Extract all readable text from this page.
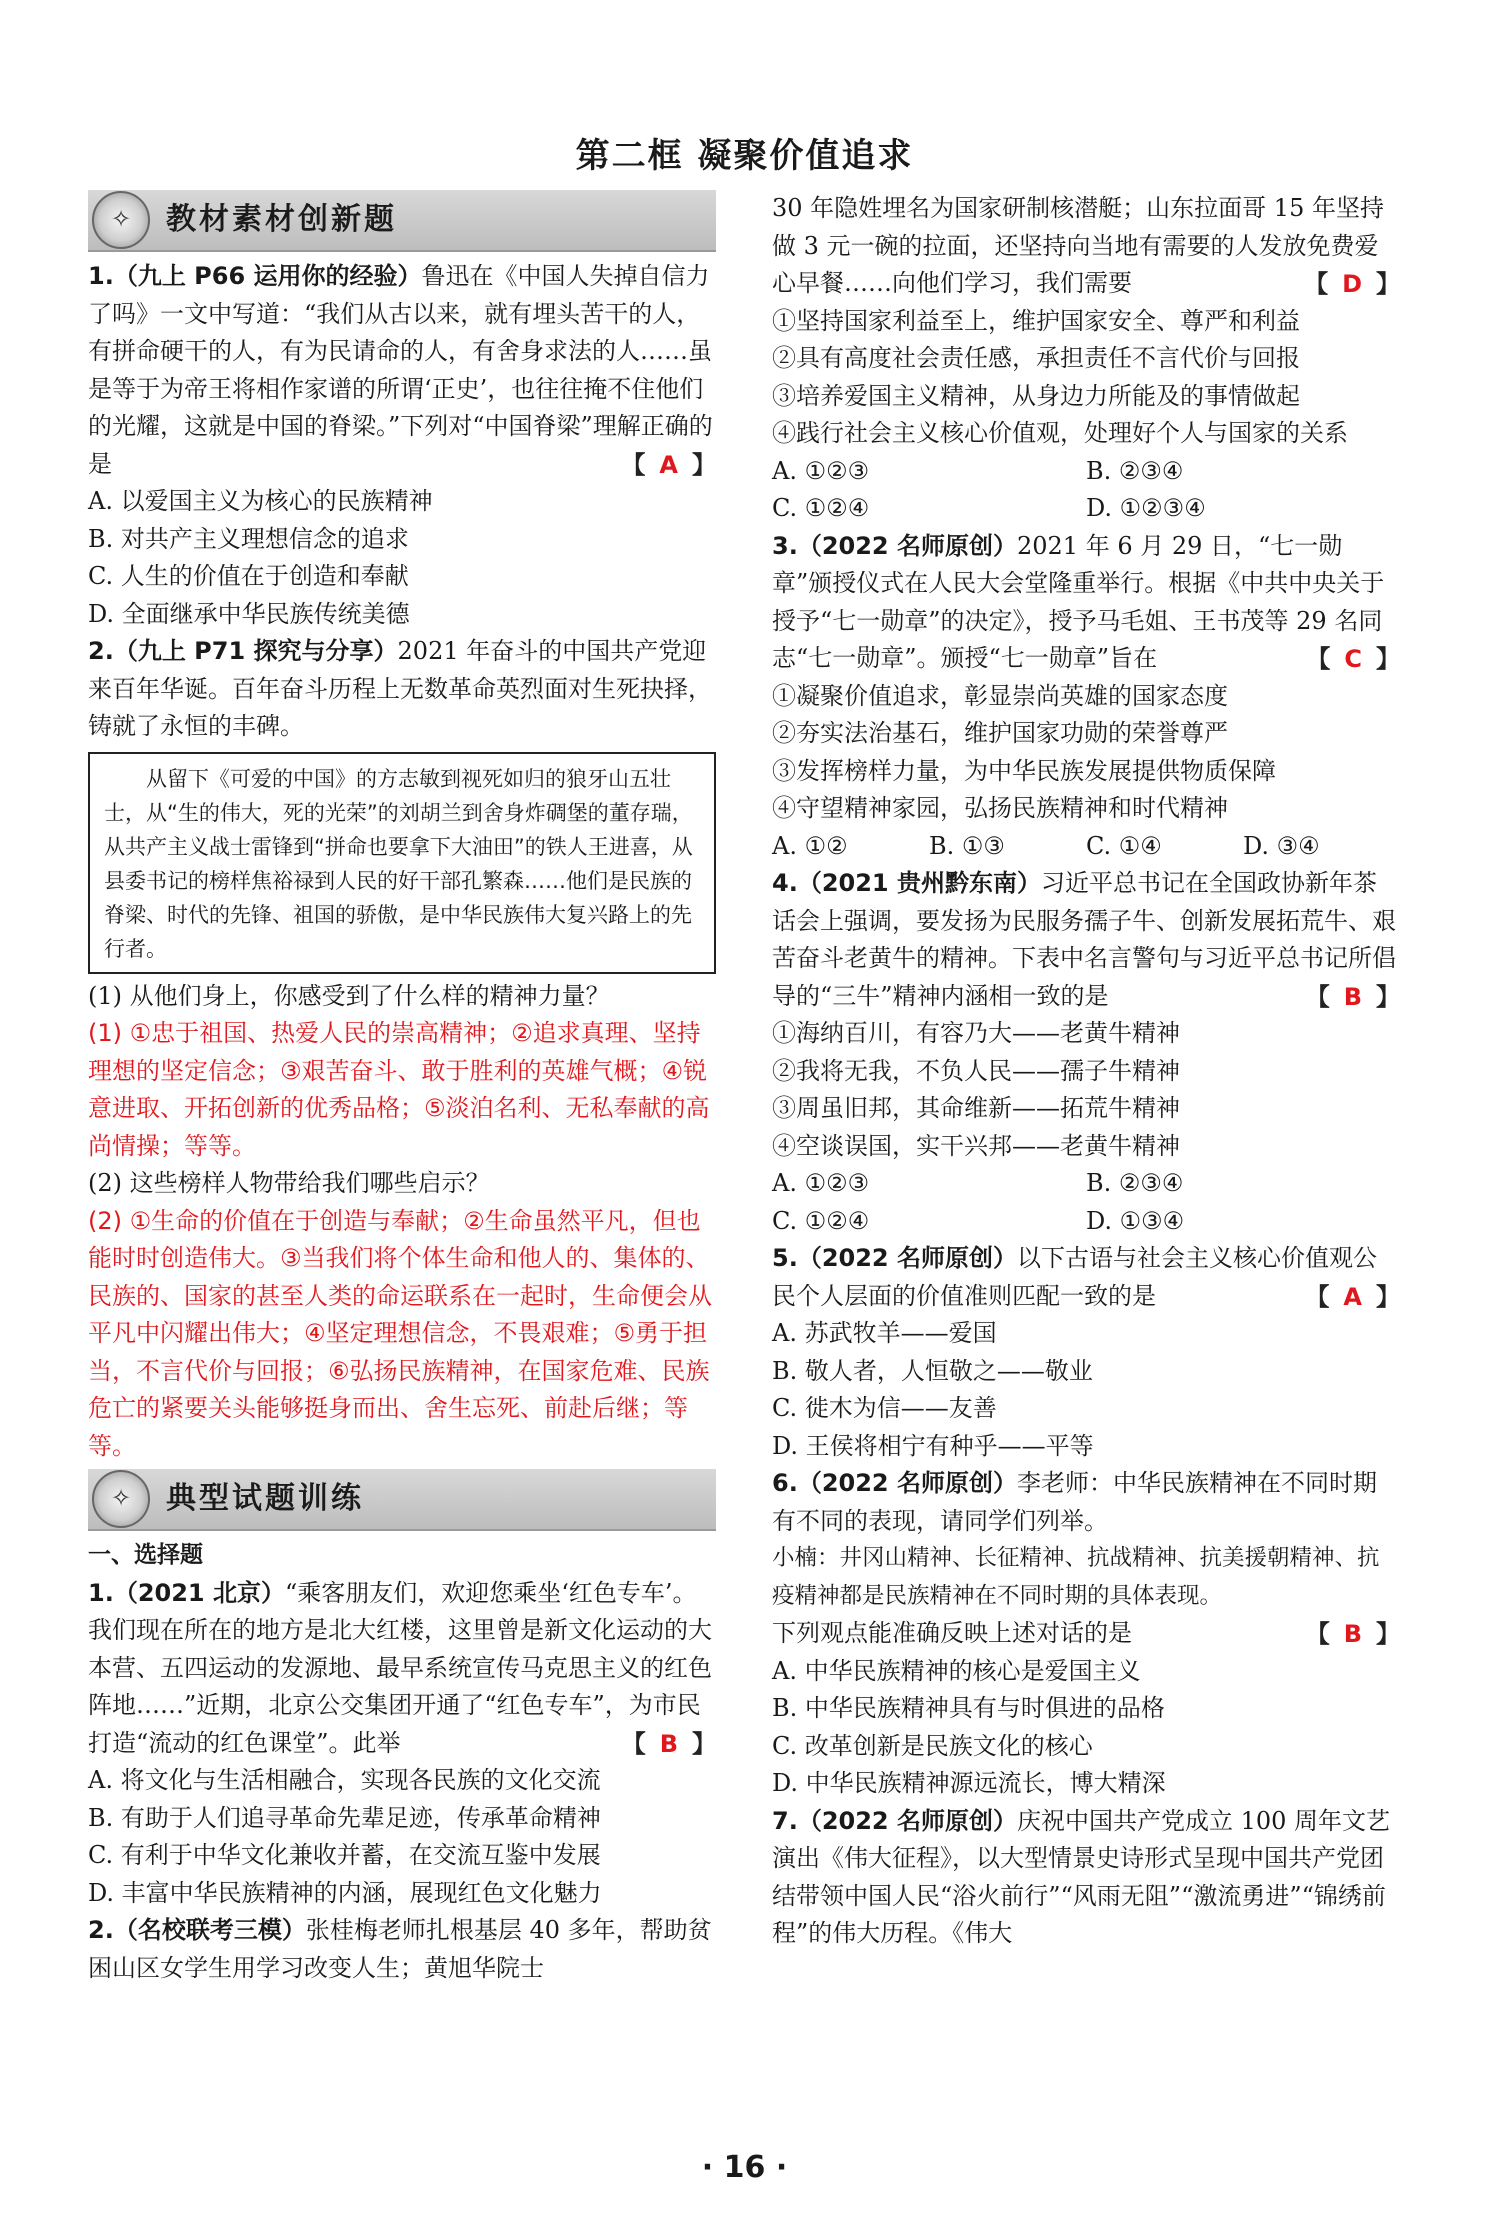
第二框 凝聚价值追求
✧	教材素材创新题
1.（九上 P66 运用你的经验）鲁迅在《中国人失掉自信力了吗》一文中写道：“我们从古以来，就有埋头苦干的人，有拼命硬干的人，有为民请命的人，有舍身求法的人……虽是等于为帝王将相作家谱的所谓‘正史’，也往往掩不住他们的光耀，这就是中国的脊梁。”下列对“中国脊梁”理解正确的是	【 A 】
A. 以爱国主义为核心的民族精神
B. 对共产主义理想信念的追求
C. 人生的价值在于创造和奉献
D. 全面继承中华民族传统美德
2.（九上 P71 探究与分享）2021 年奋斗的中国共产党迎来百年华诞。百年奋斗历程上无数革命英烈面对生死抉择，铸就了永恒的丰碑。

从留下《可爱的中国》的方志敏到视死如归的狼牙山五壮士，从“生的伟大，死的光荣”的刘胡兰到舍身炸碉堡的董存瑞，从共产主义战士雷锋到“拼命也要拿下大油田”的铁人王进喜，从县委书记的榜样焦裕禄到人民的好干部孔繁森……他们是民族的脊梁、时代的先锋、祖国的骄傲，是中华民族伟大复兴路上的先行者。

(1) 从他们身上，你感受到了什么样的精神力量？
(1) ①忠于祖国、热爱人民的崇高精神；②追求真理、坚持理想的坚定信念；③艰苦奋斗、敢于胜利的英雄气概；④锐意进取、开拓创新的优秀品格；⑤淡泊名利、无私奉献的高尚情操；等等。
(2) 这些榜样人物带给我们哪些启示？
(2) ①生命的价值在于创造与奉献；②生命虽然平凡，但也能时时创造伟大。③当我们将个体生命和他人的、集体的、民族的、国家的甚至人类的命运联系在一起时，生命便会从平凡中闪耀出伟大；④坚定理想信念，不畏艰难；⑤勇于担当，不言代价与回报；⑥弘扬民族精神，在国家危难、民族危亡的紧要关头能够挺身而出、舍生忘死、前赴后继；等等。
✧	典型试题训练
一、选择题
1.（2021 北京）“乘客朋友们，欢迎您乘坐‘红色专车’。我们现在所在的地方是北大红楼，这里曾是新文化运动的大本营、五四运动的发源地、最早系统宣传马克思主义的红色阵地……”近期，北京公交集团开通了“红色专车”，为市民打造“流动的红色课堂”。此举	【 B 】
A. 将文化与生活相融合，实现各民族的文化交流
B. 有助于人们追寻革命先辈足迹，传承革命精神
C. 有利于中华文化兼收并蓄，在交流互鉴中发展
D. 丰富中华民族精神的内涵，展现红色文化魅力
2.（名校联考三模）张桂梅老师扎根基层 40 多年，帮助贫困山区女学生用学习改变人生；黄旭华院士
30 年隐姓埋名为国家研制核潜艇；山东拉面哥 15 年坚持做 3 元一碗的拉面，还坚持向当地有需要的人发放免费爱心早餐……向他们学习，我们需要	【 D 】
①坚持国家利益至上，维护国家安全、尊严和利益
②具有高度社会责任感，承担责任不言代价与回报
③培养爱国主义精神，从身边力所能及的事情做起
④践行社会主义核心价值观，处理好个人与国家的关系
A. ①②③	B. ②③④
C. ①②④	D. ①②③④
3.（2022 名师原创）2021 年 6 月 29 日，“七一勋章”颁授仪式在人民大会堂隆重举行。根据《中共中央关于授予“七一勋章”的决定》，授予马毛姐、王书茂等 29 名同志“七一勋章”。颁授“七一勋章”旨在	【 C 】
①凝聚价值追求，彰显崇尚英雄的国家态度
②夯实法治基石，维护国家功勋的荣誉尊严
③发挥榜样力量，为中华民族发展提供物质保障
④守望精神家园，弘扬民族精神和时代精神
A. ①②	B. ①③	C. ①④	D. ③④
4.（2021 贵州黔东南）习近平总书记在全国政协新年茶话会上强调，要发扬为民服务孺子牛、创新发展拓荒牛、艰苦奋斗老黄牛的精神。下表中名言警句与习近平总书记所倡导的“三牛”精神内涵相一致的是	【 B 】
①海纳百川，有容乃大——老黄牛精神
②我将无我，不负人民——孺子牛精神
③周虽旧邦，其命维新——拓荒牛精神
④空谈误国，实干兴邦——老黄牛精神
A. ①②③	B. ②③④
C. ①②④	D. ①③④
5.（2022 名师原创）以下古语与社会主义核心价值观公民个人层面的价值准则匹配一致的是	【 A 】
A. 苏武牧羊——爱国
B. 敬人者，人恒敬之——敬业
C. 徙木为信——友善
D. 王侯将相宁有种乎——平等
6.（2022 名师原创）李老师：中华民族精神在不同时期有不同的表现，请同学们列举。
小楠：井冈山精神、长征精神、抗战精神、抗美援朝精神、抗疫精神都是民族精神在不同时期的具体表现。
下列观点能准确反映上述对话的是	【 B 】
A. 中华民族精神的核心是爱国主义
B. 中华民族精神具有与时俱进的品格
C. 改革创新是民族文化的核心
D. 中华民族精神源远流长，博大精深
7.（2022 名师原创）庆祝中国共产党成立 100 周年文艺演出《伟大征程》，以大型情景史诗形式呈现中国共产党团结带领中国人民“浴火前行”“风雨无阻”“激流勇进”“锦绣前程”的伟大历程。《伟大
· 16 ·
